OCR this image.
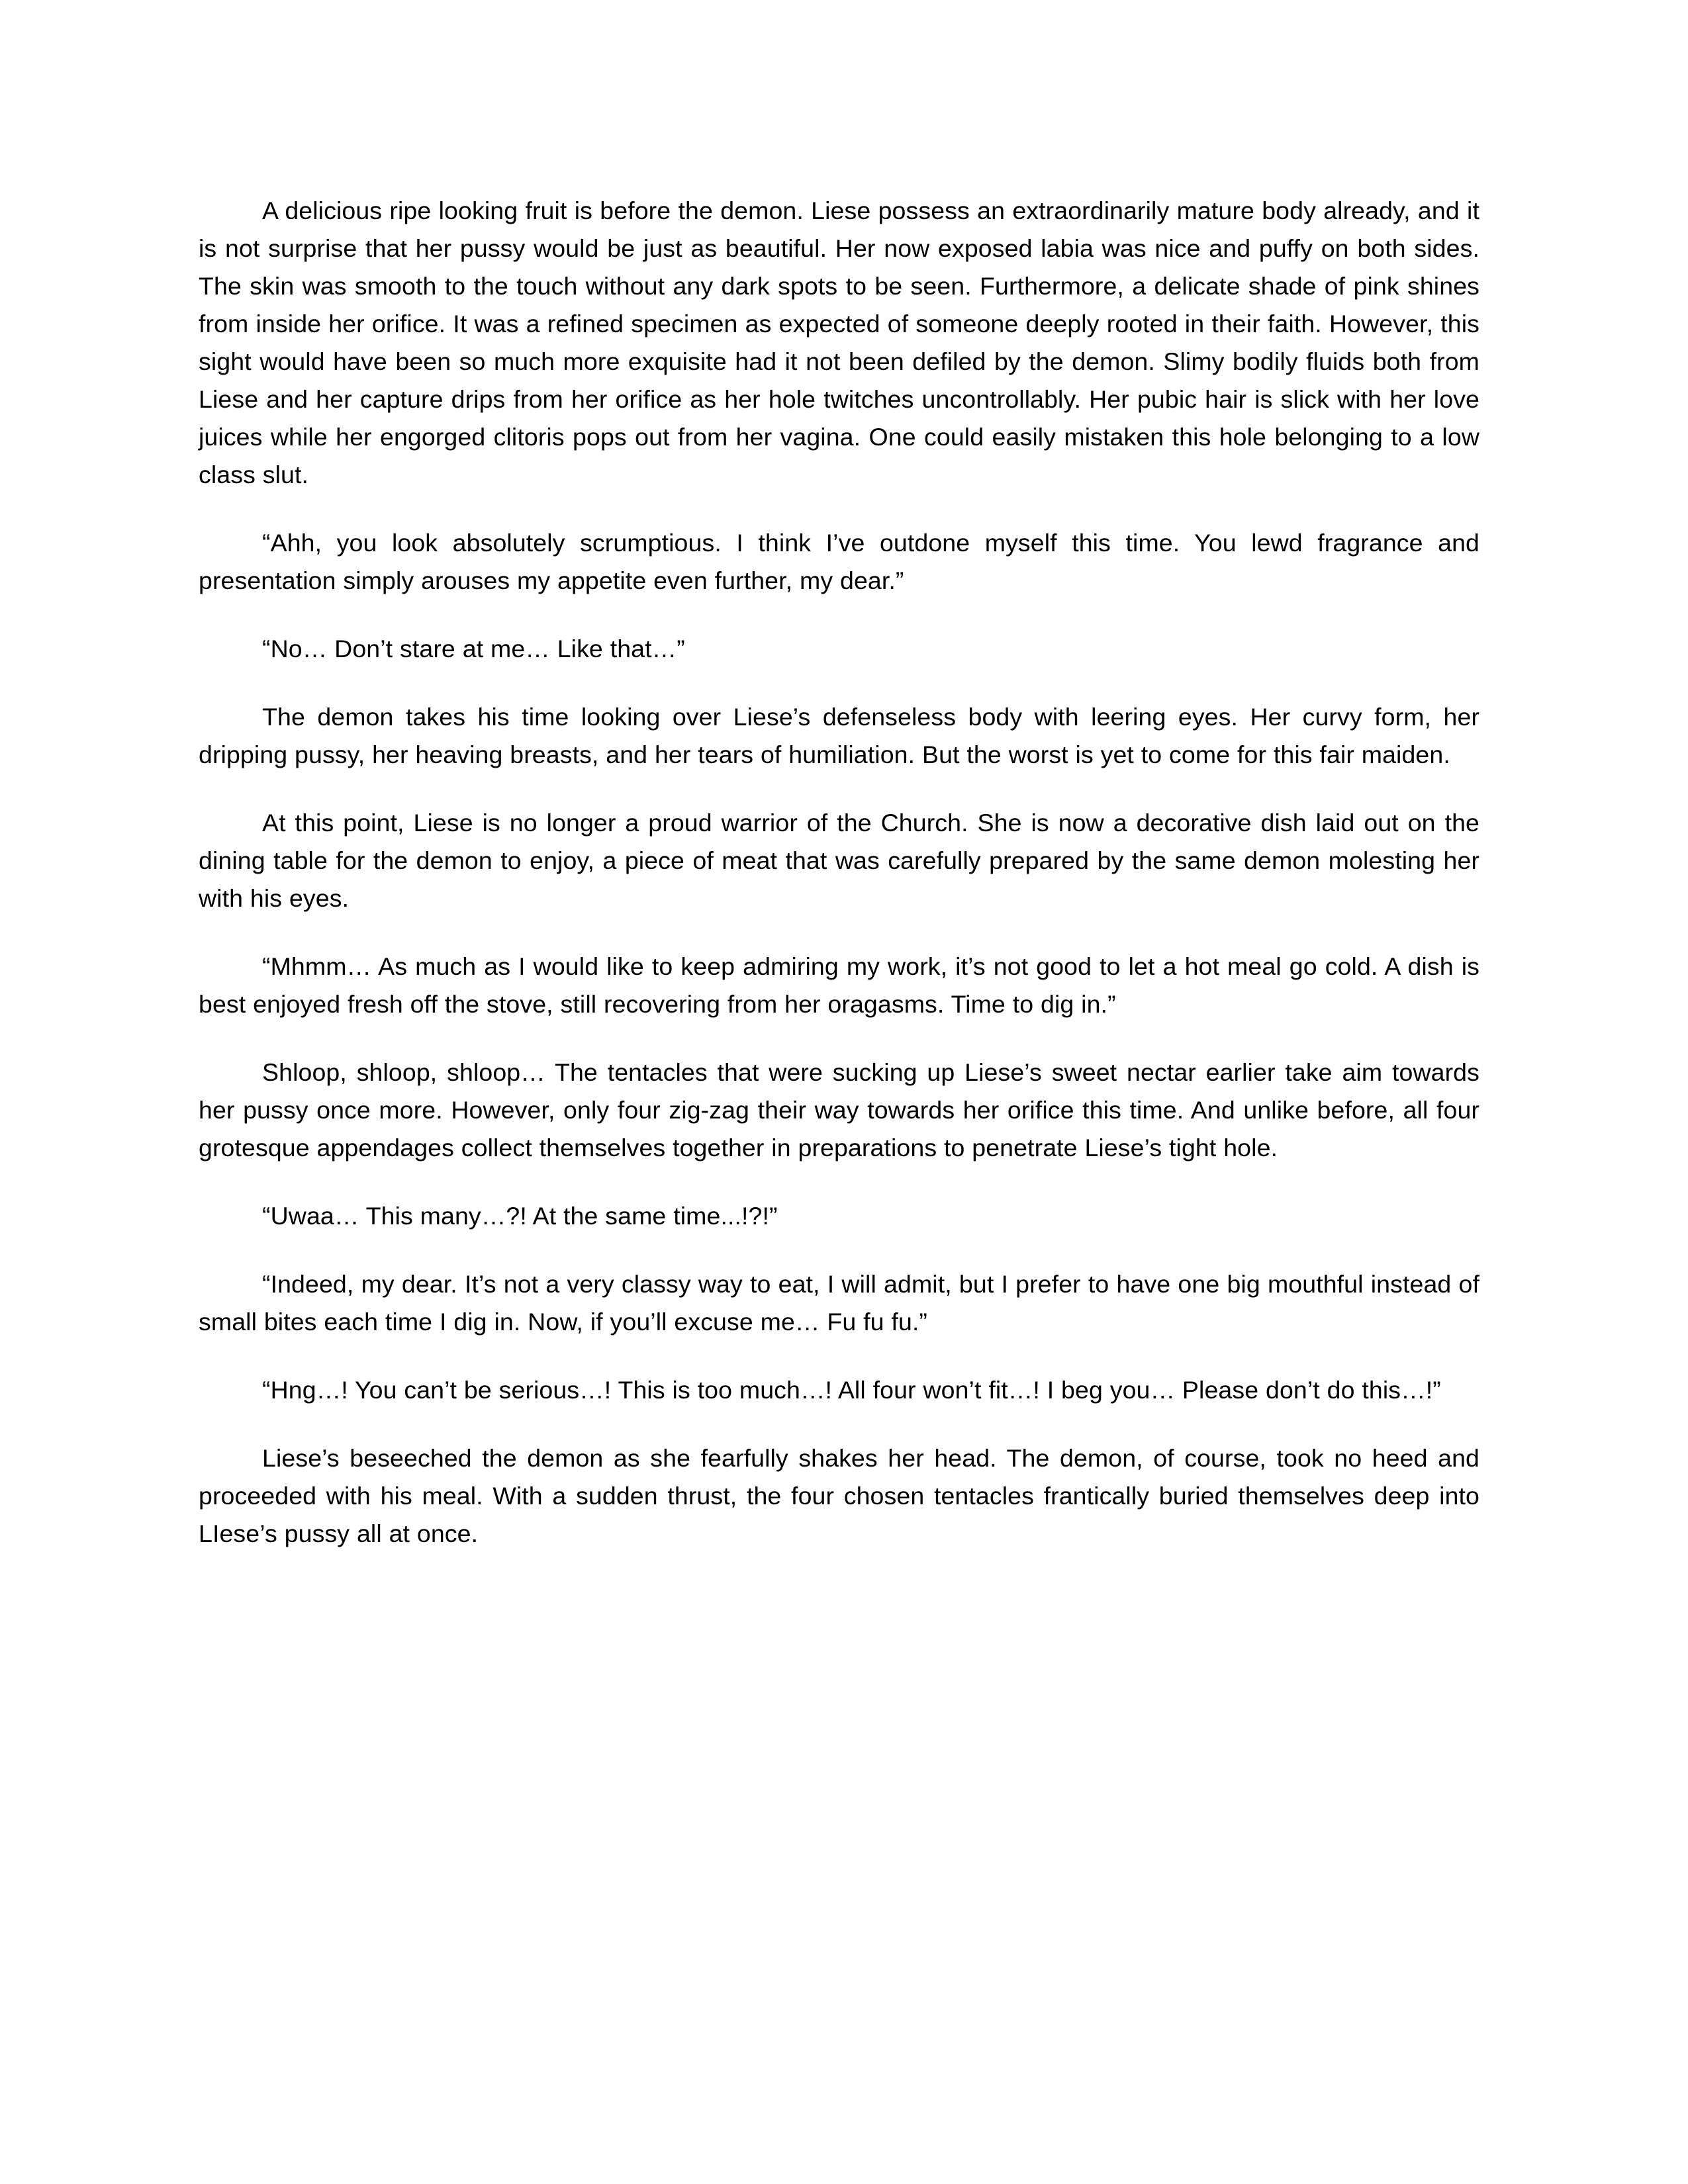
A delicious ripe looking fruit is before the demon. Liese possess an extraordinarily mature body already, and it is not surprise that her pussy would be just as beautiful. Her now exposed labia was nice and puffy on both sides. The skin was smooth to the touch without any dark spots to be seen. Furthermore, a delicate shade of pink shines from inside her orifice. It was a refined specimen as expected of someone deeply rooted in their faith. However, this sight would have been so much more exquisite had it not been defiled by the demon. Slimy bodily fluids both from Liese and her capture drips from her orifice as her hole twitches uncontrollably. Her pubic hair is slick with her love juices while her engorged clitoris pops out from her vagina. One could easily mistaken this hole belonging to a low class slut.

“Ahh, you look absolutely scrumptious. I think I’ve outdone myself this time. You lewd fragrance and presentation simply arouses my appetite even further, my dear.”

“No… Don’t stare at me… Like that…”

The demon takes his time looking over Liese’s defenseless body with leering eyes. Her curvy form, her dripping pussy, her heaving breasts, and her tears of humiliation. But the worst is yet to come for this fair maiden.

At this point, Liese is no longer a proud warrior of the Church. She is now a decorative dish laid out on the dining table for the demon to enjoy, a piece of meat that was carefully prepared by the same demon molesting her with his eyes.

“Mhmm… As much as I would like to keep admiring my work, it’s not good to let a hot meal go cold. A dish is best enjoyed fresh off the stove, still recovering from her oragasms. Time to dig in.”

Shloop, shloop, shloop… The tentacles that were sucking up Liese’s sweet nectar earlier take aim towards her pussy once more. However, only four zig-zag their way towards her orifice this time. And unlike before, all four grotesque appendages collect themselves together in preparations to penetrate Liese’s tight hole.

“Uwaa… This many…?! At the same time...!?!”

“Indeed, my dear. It’s not a very classy way to eat, I will admit, but I prefer to have one big mouthful instead of small bites each time I dig in. Now, if you’ll excuse me… Fu fu fu.”

“Hng…! You can’t be serious…! This is too much…! All four won’t fit…! I beg you… Please don’t do this…!”

Liese’s beseeched the demon as she fearfully shakes her head. The demon, of course, took no heed and proceeded with his meal. With a sudden thrust, the four chosen tentacles frantically buried themselves deep into LIese’s pussy all at once.
